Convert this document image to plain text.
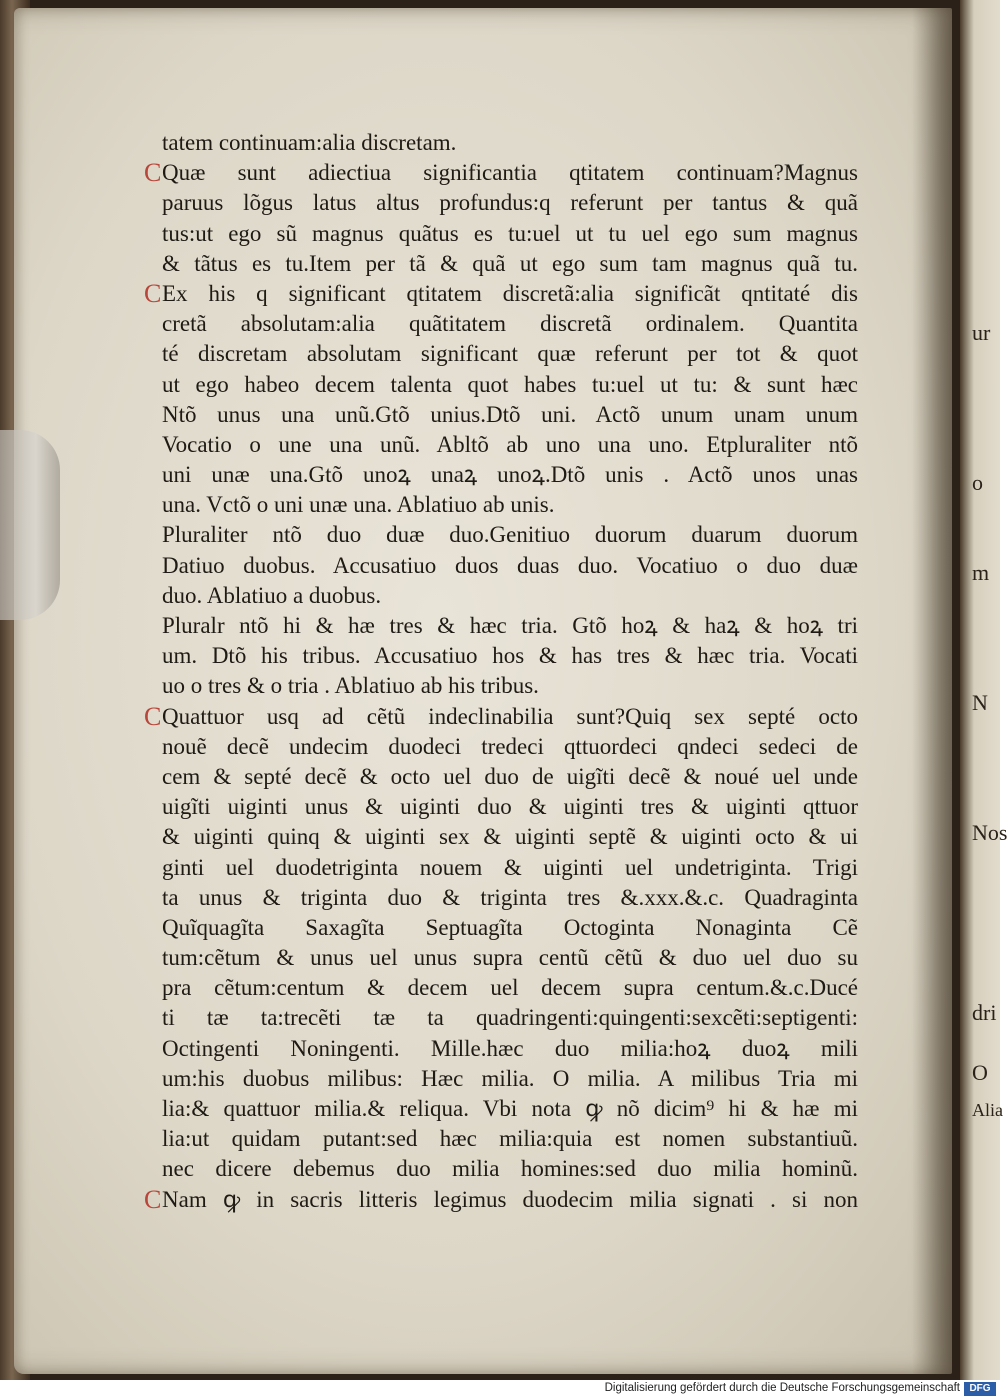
ur
o
m
N
Nos
dri
O
Alia
tatem continuam:alia discretam.
C Quæ sunt adiectiua significantia qtitatem continuam?Magnus
paruus lõgus latus altus profundus:q referunt per tantus & quã
tus:ut ego sũ magnus quãtus es tu:uel ut tu uel ego sum magnus
& tãtus es tu.Item per tã & quã ut ego sum tam magnus quã tu.
C Ex his q significant qtitatem discretã:alia significãt qntitaté dis
cretã absolutam:alia quãtitatem discretã ordinalem. Quantita
té discretam absolutam significant quæ referunt per tot & quot
ut ego habeo decem talenta quot habes tu:uel ut tu: & sunt hæc
Ntõ unus una unũ.Gtõ unius.Dtõ uni. Actõ unum unam unum
Vocatio o une una unũ. Abltõ ab uno una uno. Etpluraliter ntõ
uni unæ una.Gtõ unoꝝ unaꝝ unoꝝ.Dtõ unis . Actõ unos unas
una. Vctõ o uni unæ una. Ablatiuo ab unis.
Pluraliter ntõ duo duæ duo.Genitiuo duorum duarum duorum
Datiuo duobus. Accusatiuo duos duas duo. Vocatiuo o duo duæ
duo. Ablatiuo a duobus.
Pluralr ntõ hi & hæ tres & hæc tria. Gtõ hoꝝ & haꝝ & hoꝝ tri
um. Dtõ his tribus. Accusatiuo hos & has tres & hæc tria. Vocati
uo o tres & o tria . Ablatiuo ab his tribus.
C Quattuor usq ad cẽtũ indeclinabilia sunt?Quiq sex septé octo
nouẽ decẽ undecim duodeci tredeci qttuordeci qndeci sedeci de
cem & septé decẽ & octo uel duo de uigĩti decẽ & noué uel unde
uigĩti uiginti unus & uiginti duo & uiginti tres & uiginti qttuor
& uiginti quinq & uiginti sex & uiginti septẽ & uiginti octo & ui
ginti uel duodetriginta nouem & uiginti uel undetriginta. Trigi
ta unus & triginta duo & triginta tres &.xxx.&.c. Quadraginta
Quĩquagĩta Saxagĩta Septuagĩta Octoginta Nonaginta Cẽ
tum:cẽtum & unus uel unus supra centũ cẽtũ & duo uel duo su
pra cẽtum:centum & decem uel decem supra centum.&.c.Ducé
ti tæ ta:trecẽti tæ ta quadringenti:quingenti:sexcẽti:septigenti:
Octingenti Noningenti. Mille.hæc duo milia:hoꝝ duoꝝ mili
um:his duobus milibus: Hæc milia. O milia. A milibus Tria mi
lia:& quattuor milia.& reliqua. Vbi nota ꝙ nõ dicim⁹ hi & hæ mi
lia:ut quidam putant:sed hæc milia:quia est nomen substantiuũ.
nec dicere debemus duo milia homines:sed duo milia hominũ.
C Nam ꝙ in sacris litteris legimus duodecim milia signati . si non
Digitalisierung gefördert durch die Deutsche Forschungsgemeinschaft DFG
